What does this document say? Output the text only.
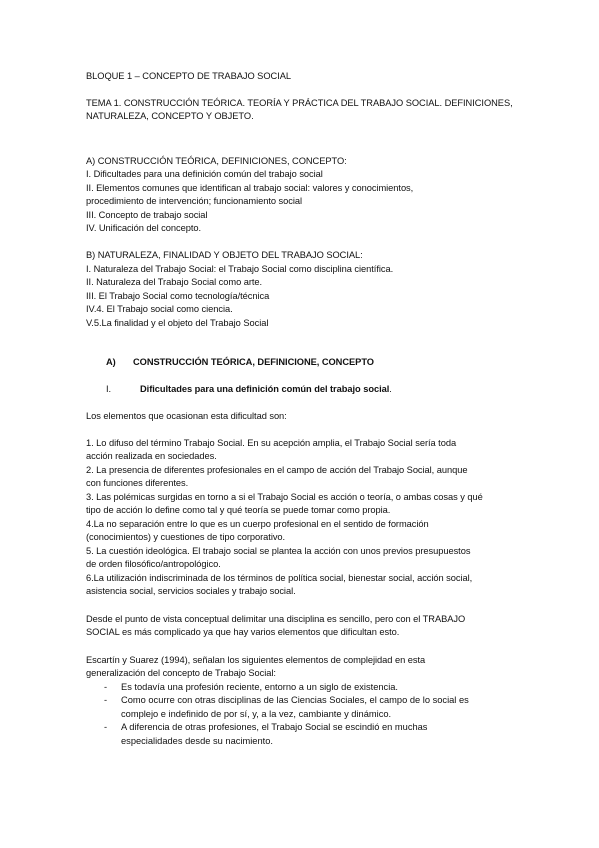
BLOQUE 1 – CONCEPTO DE TRABAJO SOCIAL
TEMA 1. CONSTRUCCIÓN TEÓRICA. TEORÍA Y PRÁCTICA DEL TRABAJO SOCIAL. DEFINICIONES,
NATURALEZA, CONCEPTO Y OBJETO.
A) CONSTRUCCIÓN TEÓRICA, DEFINICIONES, CONCEPTO:
I. Dificultades para una definición común del trabajo social
II. Elementos comunes que identifican al trabajo social: valores y conocimientos,
procedimiento de intervención; funcionamiento social
III. Concepto de trabajo social
IV. Unificación del concepto.
B) NATURALEZA, FINALIDAD Y OBJETO DEL TRABAJO SOCIAL:
I. Naturaleza del Trabajo Social: el Trabajo Social como disciplina científica.
II. Naturaleza del Trabajo Social como arte.
III. El Trabajo Social como tecnología/técnica
IV.4. El Trabajo social como ciencia.
V.5.La finalidad y el objeto del Trabajo Social
A) CONSTRUCCIÓN TEÓRICA, DEFINICIONE, CONCEPTO
I.	Dificultades para una definición común del trabajo social.
Los elementos que ocasionan esta dificultad son:
1. Lo difuso del término Trabajo Social. En su acepción amplia, el Trabajo Social sería toda
acción realizada en sociedades.
2. La presencia de diferentes profesionales en el campo de acción del Trabajo Social, aunque
con funciones diferentes.
3. Las polémicas surgidas en torno a si el Trabajo Social es acción o teoría, o ambas cosas y qué
tipo de acción lo define como tal y qué teoría se puede tomar como propia.
4.La no separación entre lo que es un cuerpo profesional en el sentido de formación
(conocimientos) y cuestiones de tipo corporativo.
5. La cuestión ideológica. El trabajo social se plantea la acción con unos previos presupuestos
de orden filosófico/antropológico.
6.La utilización indiscriminada de los términos de política social, bienestar social, acción social,
asistencia social, servicios sociales y trabajo social.
Desde el punto de vista conceptual delimitar una disciplina es sencillo, pero con el TRABAJO
SOCIAL es más complicado ya que hay varios elementos que dificultan esto.
Escartín y Suarez (1994), señalan los siguientes elementos de complejidad en esta
generalización del concepto de Trabajo Social:
- Es todavía una profesión reciente, entorno a un siglo de existencia.
- Como ocurre con otras disciplinas de las Ciencias Sociales, el campo de lo social es
complejo e indefinido de por sí, y, a la vez, cambiante y dinámico.
- A diferencia de otras profesiones, el Trabajo Social se escindió en muchas
especialidades desde su nacimiento.
